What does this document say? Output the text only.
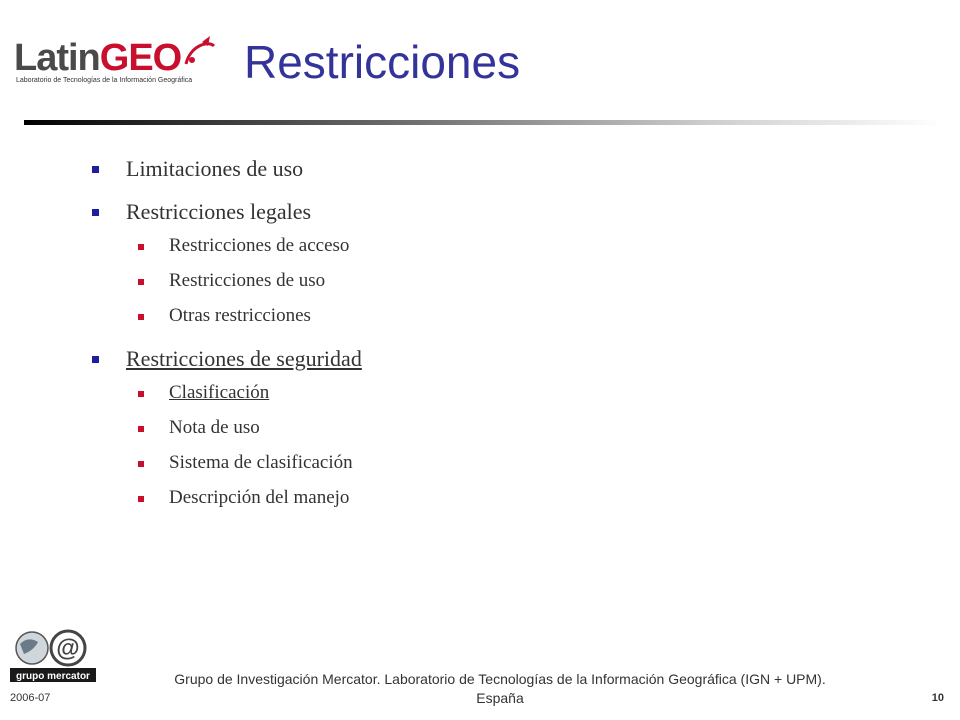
LatinGEO
Laboratorio de Tecnologías de la Información Geográfica Restricciones
Limitaciones de uso
Restricciones legales
Restricciones de acceso
Restricciones de uso
Otras restricciones
Restricciones de seguridad
Clasificación
Nota de uso
Sistema de clasificación
Descripción del manejo
@
grupo mercator	Grupo de Investigación Mercator. Laboratorio de Tecnologías de la Información Geográfica (IGN + UPM).
España
2006-07	10
